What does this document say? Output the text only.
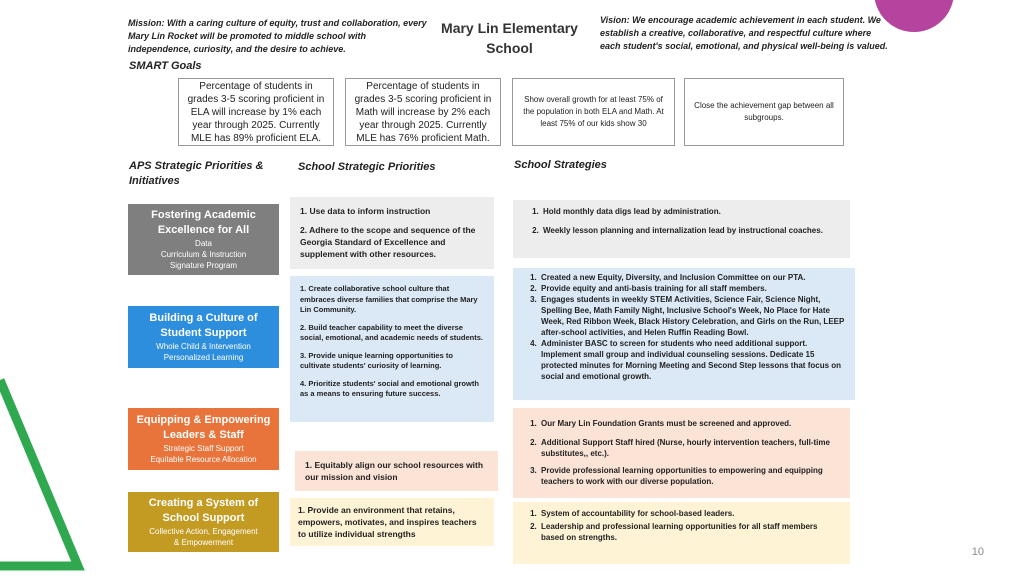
Mission: With a caring culture of equity, trust and collaboration, every Mary Lin Rocket will be promoted to middle school with independence, curiosity, and the desire to achieve.
Mary Lin Elementary School
Vision: We encourage academic achievement in each student. We establish a creative, collaborative, and respectful culture where each student's social, emotional, and physical well-being is valued.
SMART Goals
Percentage of students in grades 3-5 scoring proficient in ELA will increase by 1% each year through 2025. Currently MLE has 89% proficient ELA.
Percentage of students in grades 3-5 scoring proficient in Math will increase by 2% each year through 2025. Currently MLE has 76% proficient Math.
Show overall growth for at least 75% of the population in both ELA and Math. At least 75% of our kids show 30
Close the achievement gap between all subgroups.
APS Strategic Priorities & Initiatives
School Strategic Priorities	School Strategies
Fostering Academic Excellence for All
Data
Curriculum & Instruction
Signature Program
Building a Culture of Student Support
Whole Child & Intervention
Personalized Learning
Equipping & Empowering Leaders & Staff
Strategic Staff Support
Equitable Resource Allocation
Creating a System of School Support
Collective Action, Engagement
& Empowerment

1. Use data to inform instruction

2. Adhere to the scope and sequence of the Georgia Standard of Excellence and supplement with other resources.

1. Create collaborative school culture that embraces diverse families that comprise the Mary Lin Community.

2. Build teacher capability to meet the diverse social, emotional, and academic needs of students.

3. Provide unique learning opportunities to cultivate students' curiosity of learning.

4. Prioritize students' social and emotional growth as a means to ensuring future success.

1. Equitably align our school resources with our mission and vision

1. Provide an environment that retains, empowers, motivates, and inspires teachers to utilize individual strengths

1. Hold monthly data digs lead by administration.
2. Weekly lesson planning and internalization lead by instructional coaches.
1. Created a new Equity, Diversity, and Inclusion Committee on our PTA.
2. Provide equity and anti-basis training for all staff members.
3. Engages students in weekly STEM Activities, Science Fair, Science Night, Spelling Bee, Math Family Night, Inclusive School's Week, No Place for Hate Week, Red Ribbon Week, Black History Celebration, and Girls on the Run, LEEP after-school activities, and Helen Ruffin Reading Bowl.
4. Administer BASC to screen for students who need additional support. Implement small group and individual counseling sessions. Dedicate 15 protected minutes for Morning Meeting and Second Step lessons that focus on social and emotional growth.
1. Our Mary Lin Foundation Grants must be screened and approved.
2. Additional Support Staff hired (Nurse, hourly intervention teachers, full-time substitutes,, etc.).
3. Provide professional learning opportunities to empowering and equipping teachers to work with our diverse population.
1. System of accountability for school-based leaders.
2. Leadership and professional learning opportunities for all staff members based on strengths.
10
